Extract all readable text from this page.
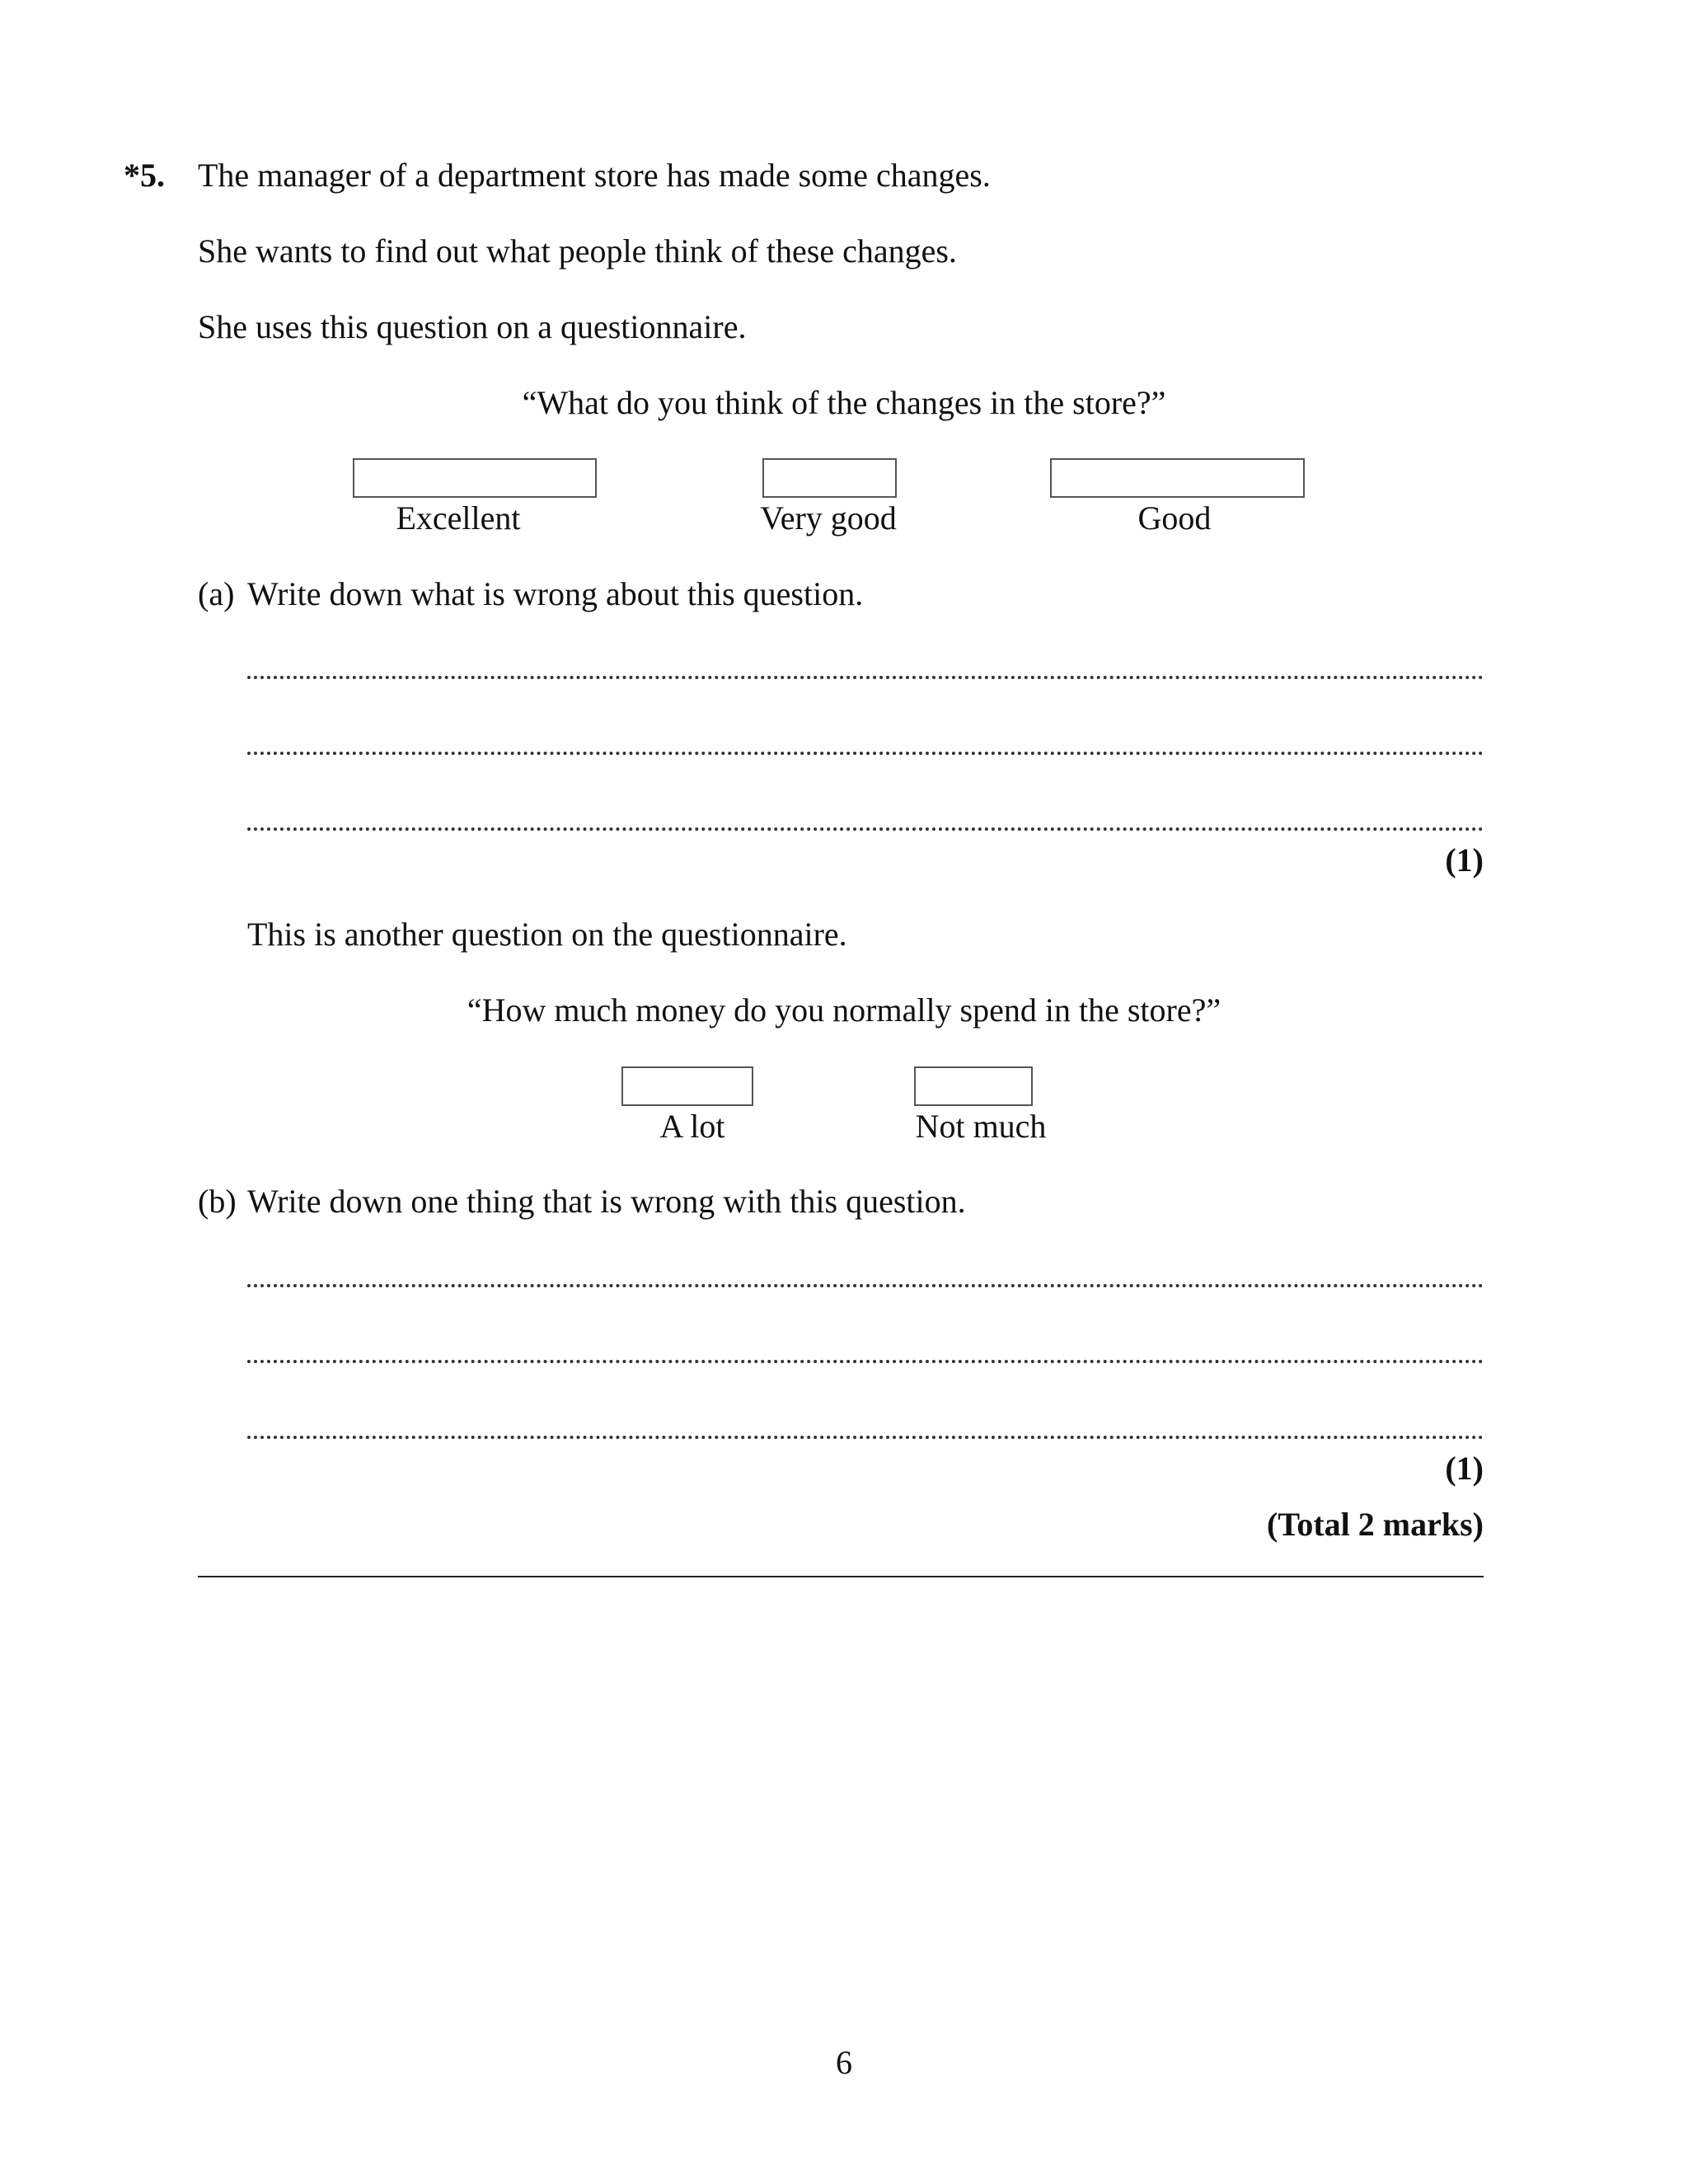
*5. The manager of a department store has made some changes.
She wants to find out what people think of these changes.
She uses this question on a questionnaire.
“What do you think of the changes in the store?”
Excellent	Very good	Good
(a) Write down what is wrong about this question.
(1)
This is another question on the questionnaire.
“How much money do you normally spend in the store?”
A lot	Not much
(b) Write down one thing that is wrong with this question.
(1)
(Total 2 marks)
6
